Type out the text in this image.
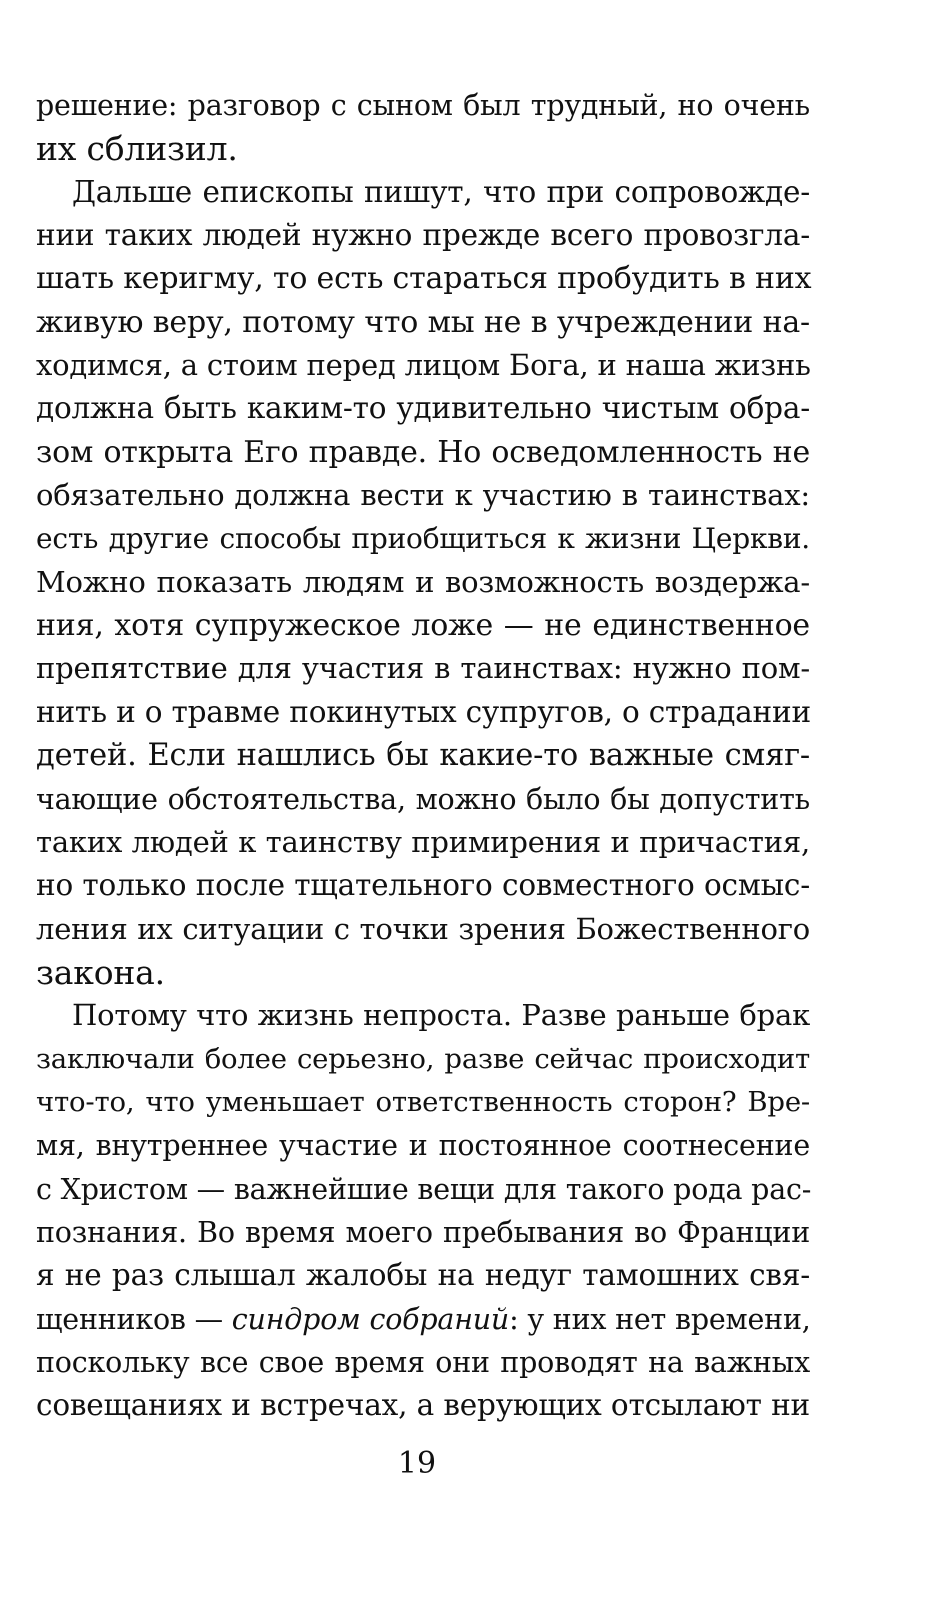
решение: разговор с сыном был трудный, но очень
их сблизил.
Дальше епископы пишут, что при сопровожде-
нии таких людей нужно прежде всего провозгла-
шать керигму, то есть стараться пробудить в них
живую веру, потому что мы не в учреждении на-
ходимся, а стоим перед лицом Бога, и наша жизнь
должна быть каким-то удивительно чистым обра-
зом открыта Его правде. Но осведомленность не
обязательно должна вести к участию в таинствах:
есть другие способы приобщиться к жизни Церкви.
Можно показать людям и возможность воздержа-
ния, хотя супружеское ложе — не единственное
препятствие для участия в таинствах: нужно пом-
нить и о травме покинутых супругов, о страдании
детей. Если нашлись бы какие-то важные смяг-
чающие обстоятельства, можно было бы допустить
таких людей к таинству примирения и причастия,
но только после тщательного совместного осмыс-
ления их ситуации с точки зрения Божественного
закона.
Потому что жизнь непроста. Разве раньше брак
заключали более серьезно, разве сейчас происходит
что-то, что уменьшает ответственность сторон? Вре-
мя, внутреннее участие и постоянное соотнесение
с Христом — важнейшие вещи для такого рода рас-
познания. Во время моего пребывания во Франции
я не раз слышал жалобы на недуг тамошних свя-
щенников — синдром собраний: у них нет времени,
поскольку все свое время они проводят на важных
совещаниях и встречах, а верующих отсылают ни
19
